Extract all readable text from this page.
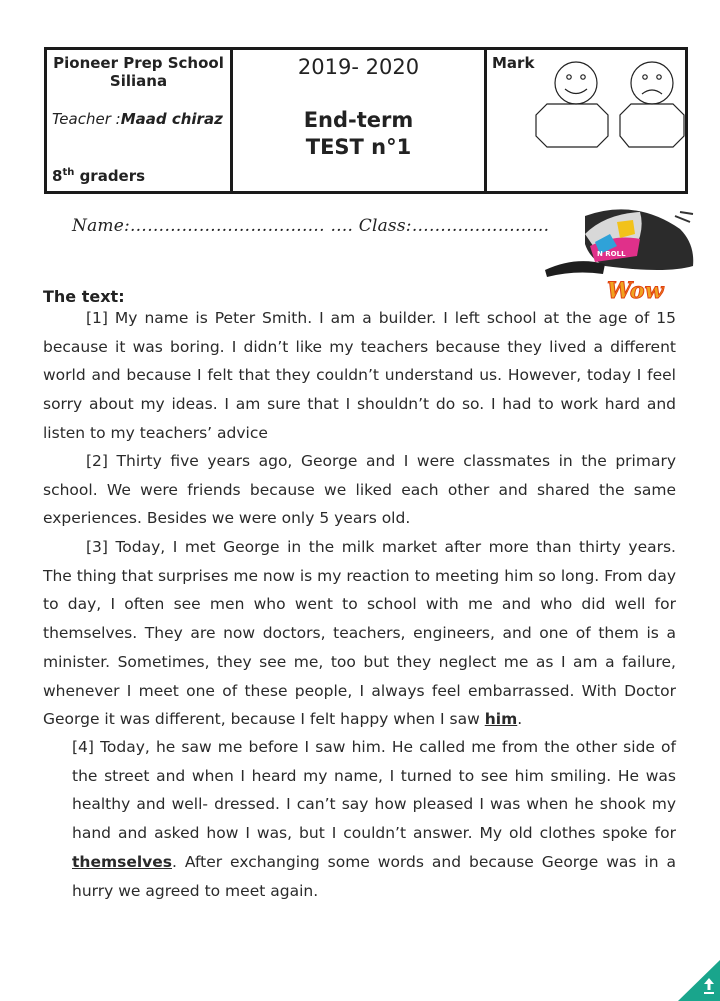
Pioneer Prep School Siliana
Teacher :Maad chiraz
8th graders
2019- 2020
End-term
TEST n°1
Mark
Name:……………………………. …. Class:……………………
N ROLL
Wow
The text:
[1] My name is Peter Smith. I am a builder. I left school at the age of 15 because it was boring. I didn’t like my teachers because they lived a different world and because I felt that they couldn’t understand us. However, today I feel sorry about my ideas. I am sure that I shouldn’t do so. I had to work hard and listen to my teachers’ advice
[2] Thirty five years ago, George and I were classmates in the primary school. We were friends because we liked each other and shared the same experiences. Besides we were only 5 years old.
[3] Today, I met George in the milk market after more than thirty years. The thing that surprises me now is my reaction to meeting him so long. From day to day, I often see men who went to school with me and who did well for themselves. They are now doctors, teachers, engineers, and one of them is a minister. Sometimes, they see me, too but they neglect me as I am a failure, whenever I meet one of these people, I always feel embarrassed. With Doctor George it was different, because I felt happy when I saw him.
[4] Today, he saw me before I saw him. He called me from the other side of the street and when I heard my name, I turned to see him smiling. He was healthy and well- dressed. I can’t say how pleased I was when he shook my hand and asked how I was, but I couldn’t answer. My old clothes spoke for themselves. After exchanging some words and because George was in a hurry we agreed to meet again.
